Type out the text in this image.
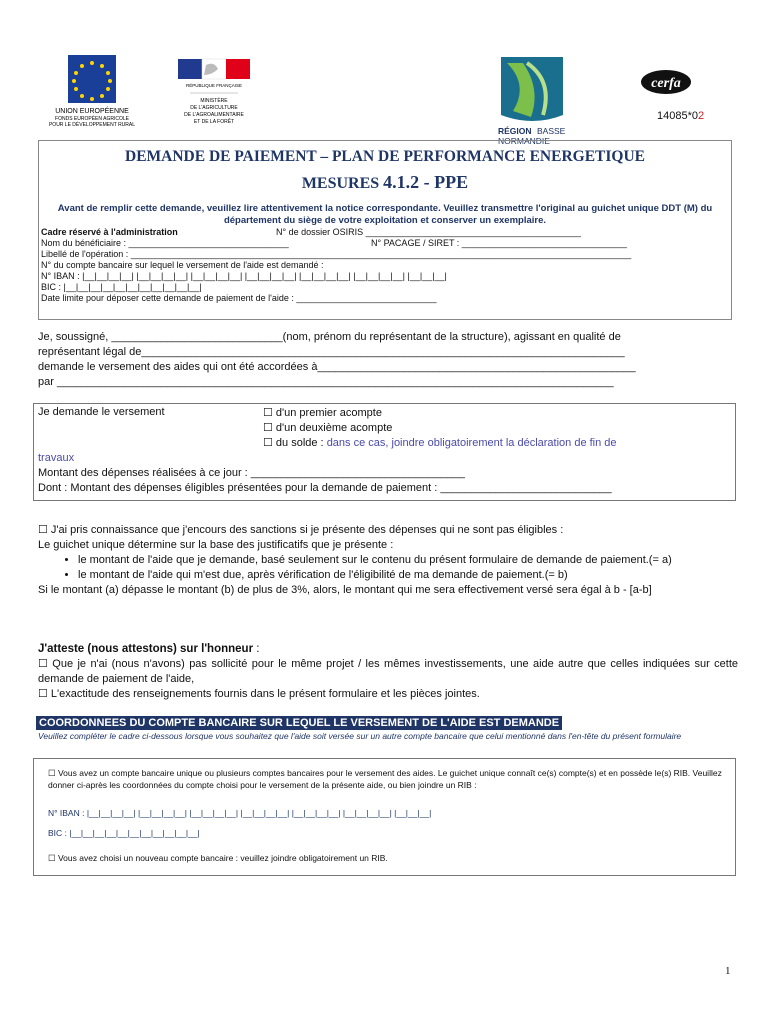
UNION EUROPÉENNE
FONDS EUROPÉEN AGRICOLE
POUR LE DÉVELOPPEMENT RURAL
RÉPUBLIQUE FRANÇAISE
MINISTÈRE
DE L'AGRICULTURE
DE L'AGROALIMENTAIRE
ET DE LA FORÊT
RÉGION BASSE
NORMANDIE
cerfa
14085*02
DEMANDE DE PAIEMENT – PLAN DE PERFORMANCE ENERGETIQUE
MESURES 4.1.2 - PPE
Avant de remplir cette demande, veuillez lire attentivement la notice correspondante. Veuillez transmettre l'original au guichet unique DDT (M) du département du siège de votre exploitation et conserver un exemplaire.
Cadre réservé à l'administration	N° de dossier OSIRIS ___________________________________________
Nom du bénéficiaire : ________________________________	N° PACAGE / SIRET : _________________________________
Libellé de l'opération : ____________________________________________________________________________________________________
N° du compte bancaire sur lequel le versement de l'aide est demandé :
N° IBAN : |__|__|__|__| |__|__|__|__| |__|__|__|__| |__|__|__|__| |__|__|__|__| |__|__|__|__| |__|__|__|
BIC : |__|__|__|__|__|__|__|__|__|__|__|
Date limite pour déposer cette demande de paiement de l'aide : ____________________________
Je, soussigné, ____________________________(nom, prénom du représentant de la structure), agissant en qualité de
représentant légal de_______________________________________________________________________________
demande le versement des aides qui ont été accordées à____________________________________________________
par ___________________________________________________________________________________________
Je demande le versement	☐ d'un premier acompte
☐ d'un deuxième acompte
☐ du solde : dans ce cas, joindre obligatoirement la déclaration de fin de
travaux
Montant des dépenses réalisées à ce jour : ___________________________________
Dont : Montant des dépenses éligibles présentées pour la demande de paiement : ____________________________
☐ J'ai pris connaissance que j'encours des sanctions si je présente des dépenses qui ne sont pas éligibles :
Le guichet unique détermine sur la base des justificatifs que je présente :
• le montant de l'aide que je demande, basé seulement sur le contenu du présent formulaire de demande de paiement.(= a)
• le montant de l'aide qui m'est due, après vérification de l'éligibilité de ma demande de paiement.(= b)
Si le montant (a) dépasse le montant (b) de plus de 3%, alors, le montant qui me sera effectivement versé sera égal à b - [a-b]
J'atteste (nous attestons) sur l'honneur :
☐ Que je n'ai (nous n'avons) pas sollicité pour le même projet / les mêmes investissements, une aide autre que celles indiquées sur cette demande de paiement de l'aide,
☐ L'exactitude des renseignements fournis dans le présent formulaire et les pièces jointes.
COORDONNEES DU COMPTE BANCAIRE SUR LEQUEL LE VERSEMENT DE L'AIDE EST DEMANDE
Veuillez compléter le cadre ci-dessous lorsque vous souhaitez que l'aide soit versée sur un autre compte bancaire que celui mentionné dans l'en-tête du présent formulaire
☐ Vous avez un compte bancaire unique ou plusieurs comptes bancaires pour le versement des aides. Le guichet unique connaît ce(s) compte(s) et en possède le(s) RIB. Veuillez donner ci-après les coordonnées du compte choisi pour le versement de la présente aide, ou bien joindre un RIB :
N° IBAN : |__|__|__|__| |__|__|__|__| |__|__|__|__| |__|__|__|__| |__|__|__|__| |__|__|__|__| |__|__|__|
BIC : |__|__|__|__|__|__|__|__|__|__|__|
☐ Vous avez choisi un nouveau compte bancaire : veuillez joindre obligatoirement un RIB.
1
